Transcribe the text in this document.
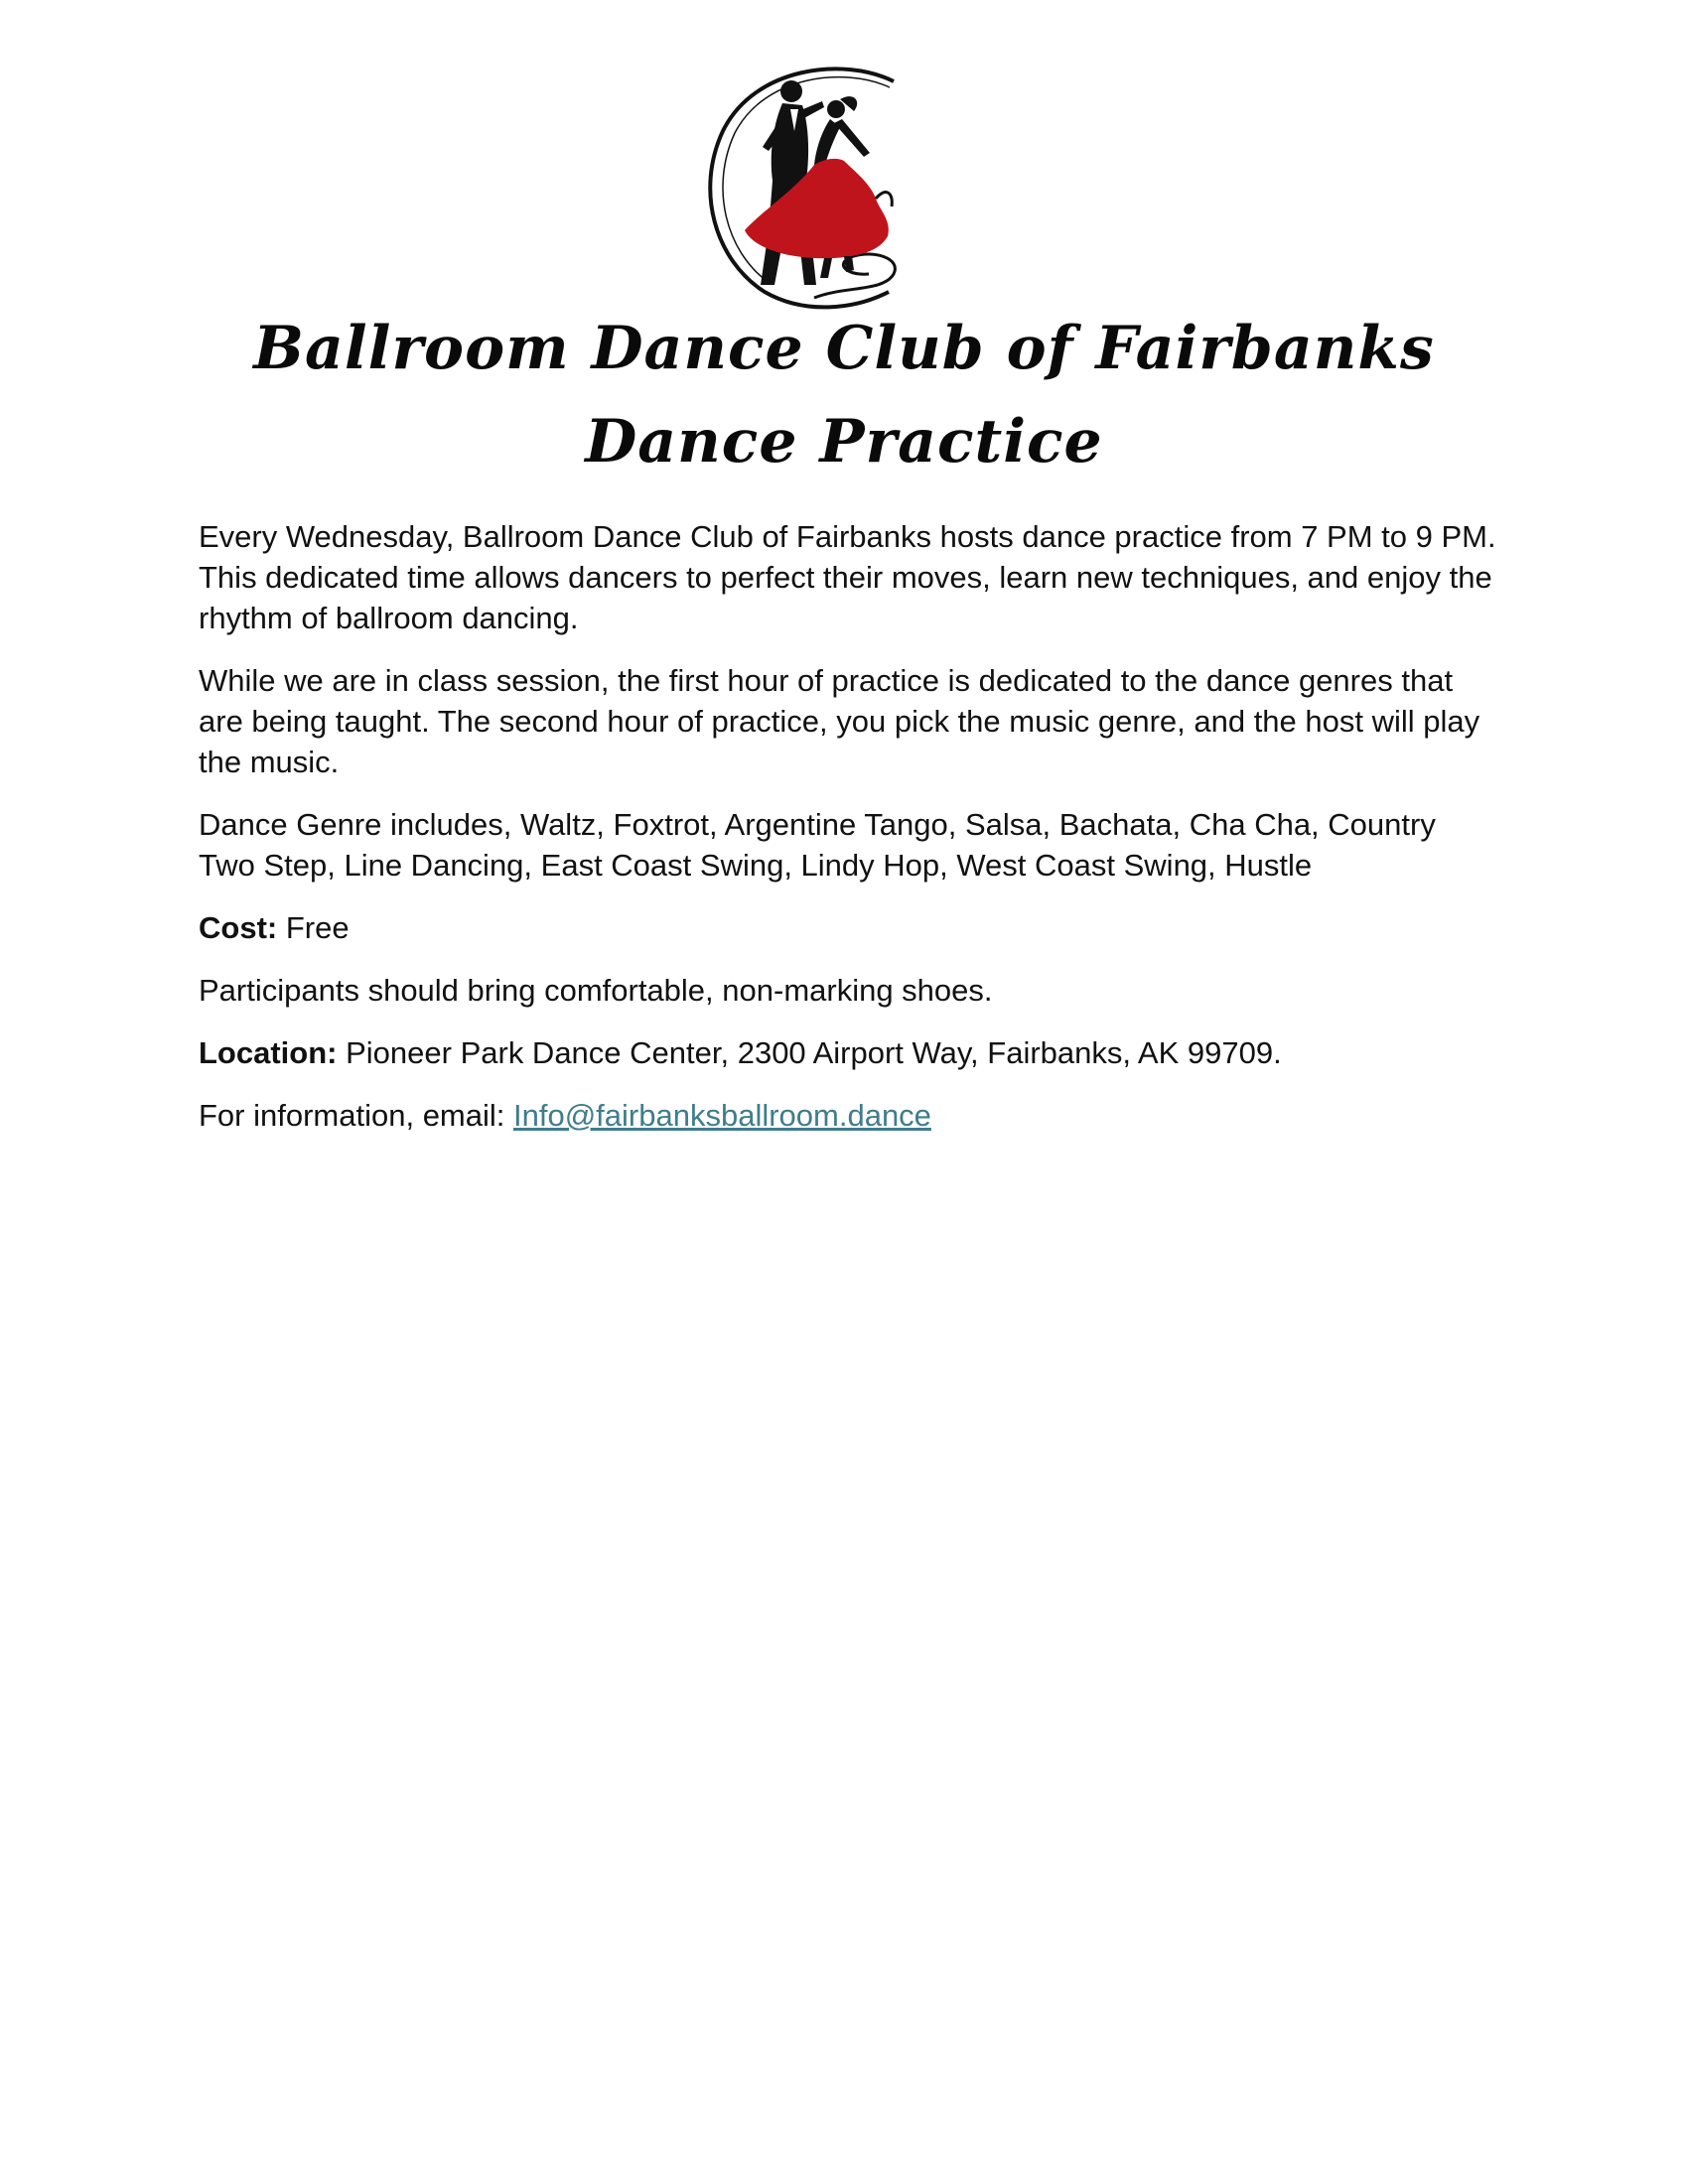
Ballroom Dance Club of Fairbanks
Dance Practice

Every Wednesday, Ballroom Dance Club of Fairbanks hosts dance practice from 7 PM to 9 PM. This dedicated time allows dancers to perfect their moves, learn new techniques, and enjoy the rhythm of ballroom dancing.

While we are in class session, the first hour of practice is dedicated to the dance genres that are being taught. The second hour of practice, you pick the music genre, and the host will play the music.

Dance Genre includes, Waltz, Foxtrot, Argentine Tango, Salsa, Bachata, Cha Cha, Country Two Step, Line Dancing, East Coast Swing, Lindy Hop, West Coast Swing, Hustle

Cost: Free

Participants should bring comfortable, non-marking shoes.

Location: Pioneer Park Dance Center, 2300 Airport Way, Fairbanks, AK 99709.

For information, email: Info@fairbanksballroom.dance
